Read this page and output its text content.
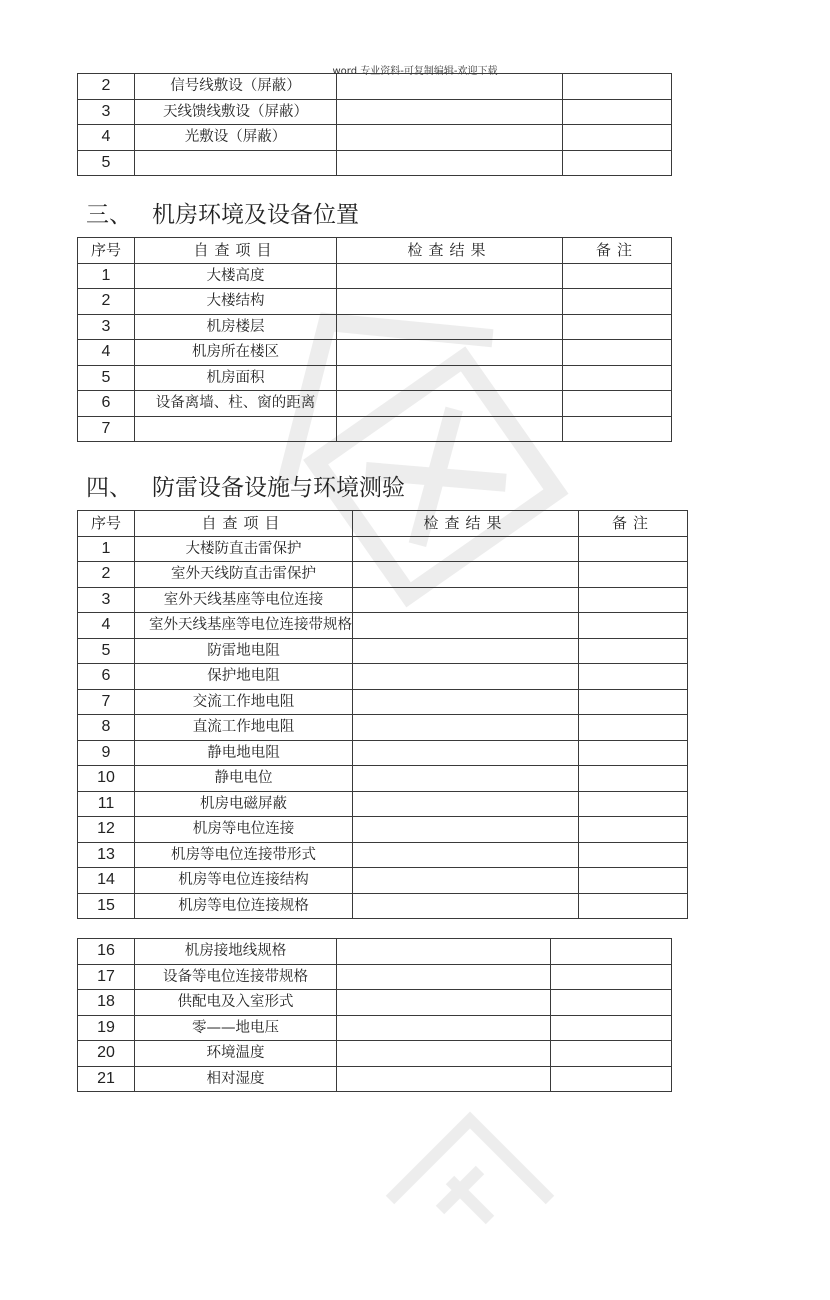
word 专业资料-可复制编辑-欢迎下载
2	信号线敷设（屏蔽）		
3	天线馈线敷设（屏蔽）		
4	光敷设（屏蔽）		
5			
三、 机房环境及设备位置
序号	自查项目	检查结果	备注
1	大楼高度		
2	大楼结构		
3	机房楼层		
4	机房所在楼区		
5	机房面积		
6	设备离墙、柱、窗的距离		
7			
四、 防雷设备设施与环境测验
序号	自查项目	检查结果	备注
1	大楼防直击雷保护		
2	室外天线防直击雷保护		
3	室外天线基座等电位连接		
4	室外天线基座等电位连接带规格		
5	防雷地电阻		
6	保护地电阻		
7	交流工作地电阻		
8	直流工作地电阻		
9	静电地电阻		
10	静电电位		
11	机房电磁屏蔽		
12	机房等电位连接		
13	机房等电位连接带形式		
14	机房等电位连接结构		
15	机房等电位连接规格		
16	机房接地线规格		
17	设备等电位连接带规格		
18	供配电及入室形式		
19	零——地电压		
20	环境温度		
21	相对湿度		
